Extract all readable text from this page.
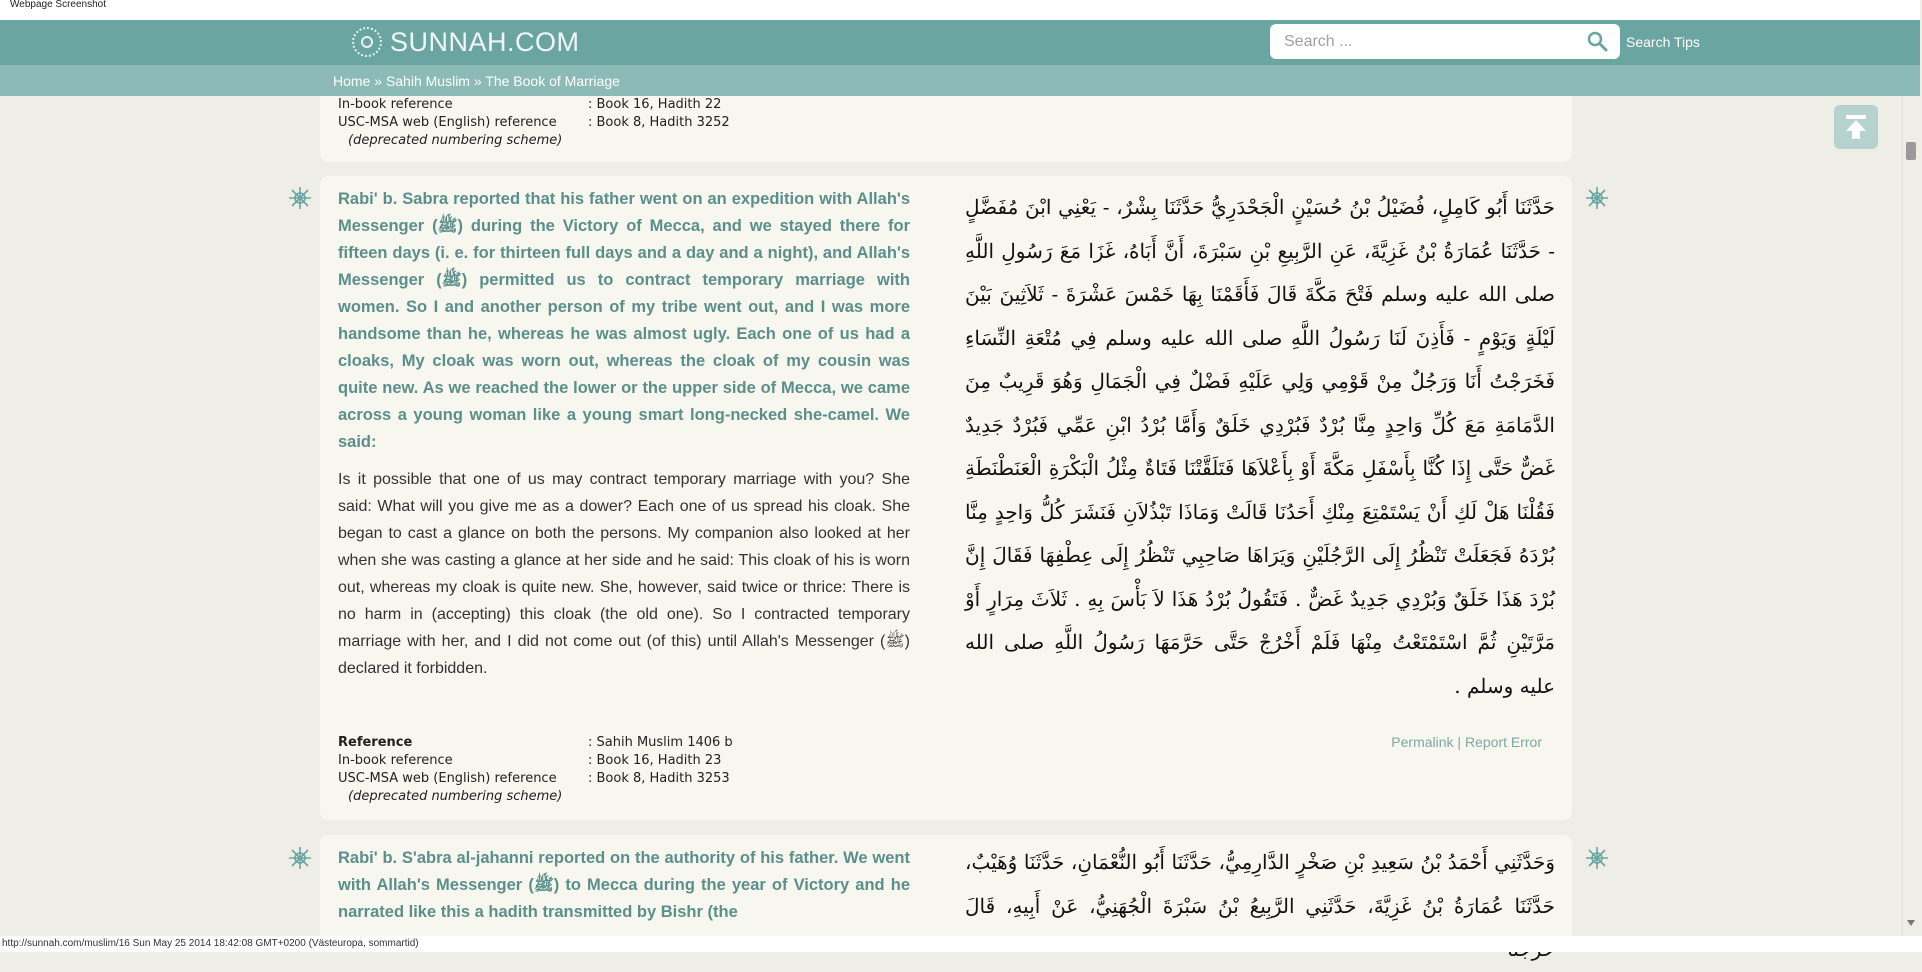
Webpage Screenshot
SUNNAH.COM
Search ...	Search Tips
Home » Sahih Muslim » The Book of Marriage
In-book reference	: Book 16, Hadith 22
USC-MSA web (English) reference : Book 8, Hadith 3252
(deprecated numbering scheme)
Rabi' b. Sabra reported that his father went on an expedition with Allah's Messenger (ﷺ) during the Victory of Mecca, and we stayed there for fifteen days (i. e. for thirteen full days and a day and a night), and Allah's Messenger (ﷺ) permitted us to contract temporary marriage with women. So I and another person of my tribe went out, and I was more handsome than he, whereas he was almost ugly. Each one of us had a cloaks, My cloak was worn out, whereas the cloak of my cousin was quite new. As we reached the lower or the upper side of Mecca, we came across a young woman like a young smart long-necked she-camel. We said:
Is it possible that one of us may contract temporary marriage with you? She said: What will you give me as a dower? Each one of us spread his cloak. She began to cast a glance on both the persons. My companion also looked at her when she was casting a glance at her side and he said: This cloak of his is worn out, whereas my cloak is quite new. She, however, said twice or thrice: There is no harm in (accepting) this cloak (the old one). So I contracted temporary marriage with her, and I did not come out (of this) until Allah's Messenger (ﷺ) declared it forbidden.
حَدَّثَنَا أَبُو كَامِلٍ، فُضَيْلُ بْنُ حُسَيْنٍ الْجَحْدَرِيُّ حَدَّثَنَا بِشْرٌ، - يَعْنِي ابْنَ مُفَضَّلٍ - حَدَّثَنَا عُمَارَةُ بْنُ غَزِيَّةَ، عَنِ الرَّبِيعِ بْنِ سَبْرَةَ، أَنَّ أَبَاهُ، غَزَا مَعَ رَسُولِ اللَّهِ صلى الله عليه وسلم فَتْحَ مَكَّةَ قَالَ فَأَقَمْنَا بِهَا خَمْسَ عَشْرَةَ - ثَلاَثِينَ بَيْنَ لَيْلَةٍ وَيَوْمٍ - فَأَذِنَ لَنَا رَسُولُ اللَّهِ صلى الله عليه وسلم فِي مُتْعَةِ النِّسَاءِ فَخَرَجْتُ أَنَا وَرَجُلٌ مِنْ قَوْمِي وَلِي عَلَيْهِ فَضْلٌ فِي الْجَمَالِ وَهُوَ قَرِيبٌ مِنَ الدَّمَامَةِ مَعَ كُلِّ وَاحِدٍ مِنَّا بُرْدٌ فَبُرْدِي خَلَقٌ وَأَمَّا بُرْدُ ابْنِ عَمِّي فَبُرْدٌ جَدِيدٌ غَضٌّ حَتَّى إِذَا كُنَّا بِأَسْفَلِ مَكَّةَ أَوْ بِأَعْلاَهَا فَتَلَقَّتْنَا فَتَاةٌ مِثْلُ الْبَكْرَةِ الْعَنَطْنَطَةِ فَقُلْنَا هَلْ لَكِ أَنْ يَسْتَمْتِعَ مِنْكِ أَحَدُنَا قَالَتْ وَمَاذَا تَبْذُلاَنِ فَنَشَرَ كُلُّ وَاحِدٍ مِنَّا بُرْدَهُ فَجَعَلَتْ تَنْظُرُ إِلَى الرَّجُلَيْنِ وَيَرَاهَا صَاحِبِي تَنْظُرُ إِلَى عِطْفِهَا فَقَالَ إِنَّ بُرْدَ هَذَا خَلَقٌ وَبُرْدِي جَدِيدٌ غَضٌّ ‏.‏ فَتَقُولُ بُرْدُ هَذَا لاَ بَأْسَ بِهِ ‏.‏ ثَلاَثَ مِرَارٍ أَوْ مَرَّتَيْنِ ثُمَّ اسْتَمْتَعْتُ مِنْهَا فَلَمْ أَخْرُجْ حَتَّى حَرَّمَهَا رَسُولُ اللَّهِ صلى الله عليه وسلم ‏.‏
Reference	: Sahih Muslim 1406 b
In-book reference	: Book 16, Hadith 23
USC-MSA web (English) reference : Book 8, Hadith 3253
(deprecated numbering scheme)
Permalink | Report Error
Rabi' b. S'abra al-jahanni reported on the authority of his father. We went with Allah's Messenger (ﷺ) to Mecca during the year of Victory and he narrated like this a hadith transmitted by Bishr (the
وَحَدَّثَنِي أَحْمَدُ بْنُ سَعِيدِ بْنِ صَخْرٍ الدَّارِمِيُّ، حَدَّثَنَا أَبُو النُّعْمَانِ، حَدَّثَنَا وُهَيْبٌ، حَدَّثَنَا عُمَارَةُ بْنُ غَزِيَّةَ، حَدَّثَنِي الرَّبِيعُ بْنُ سَبْرَةَ الْجُهَنِيُّ، عَنْ أَبِيهِ، قَالَ
http://sunnah.com/muslim/16 Sun May 25 2014 18:42:08 GMT+0200 (Västeuropa, sommartid)
